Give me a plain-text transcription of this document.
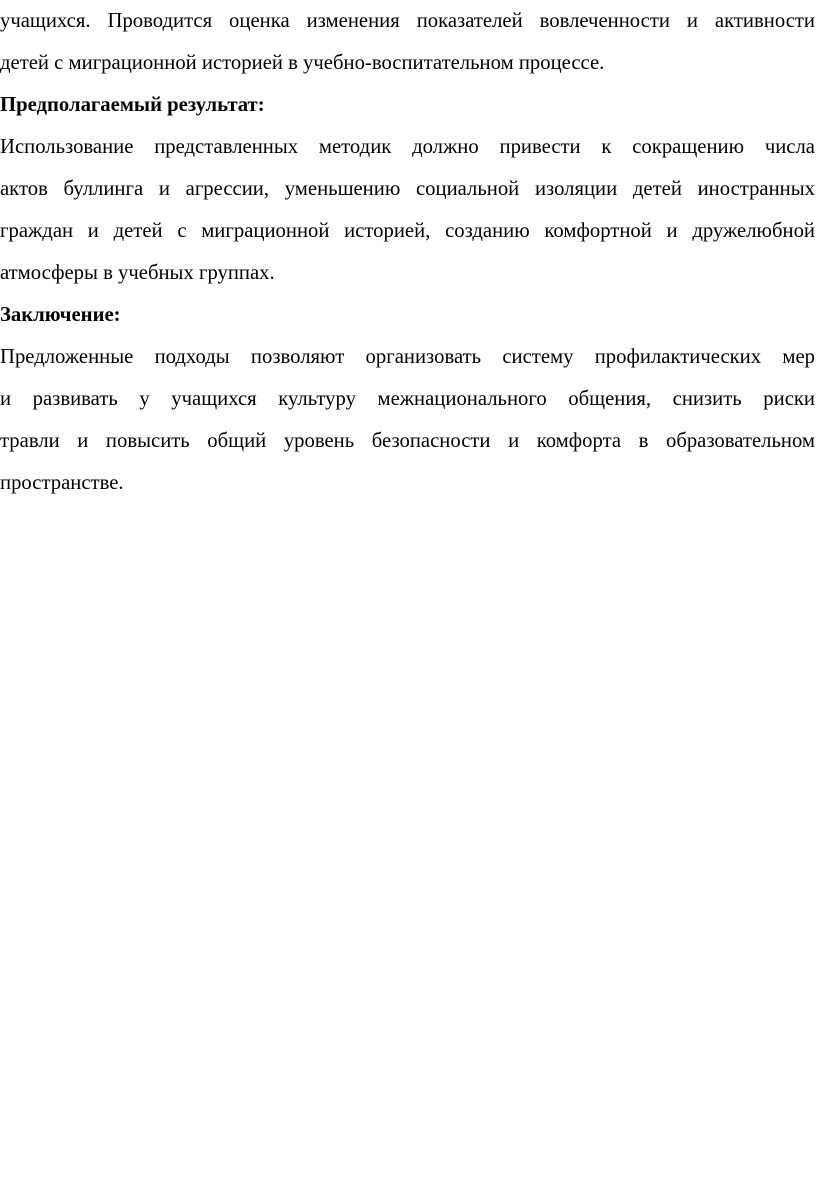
учащихся. Проводится оценка изменения показателей вовлеченности и активности
детей с миграционной историей в учебно-воспитательном процессе.
Предполагаемый результат:
Использование представленных методик должно привести к сокращению числа
актов буллинга и агрессии, уменьшению социальной изоляции детей иностранных
граждан и детей с миграционной историей, созданию комфортной и дружелюбной
атмосферы в учебных группах.
Заключение:
Предложенные подходы позволяют организовать систему профилактических мер
и развивать у учащихся культуру межнационального общения, снизить риски
травли и повысить общий уровень безопасности и комфорта в образовательном
пространстве.
